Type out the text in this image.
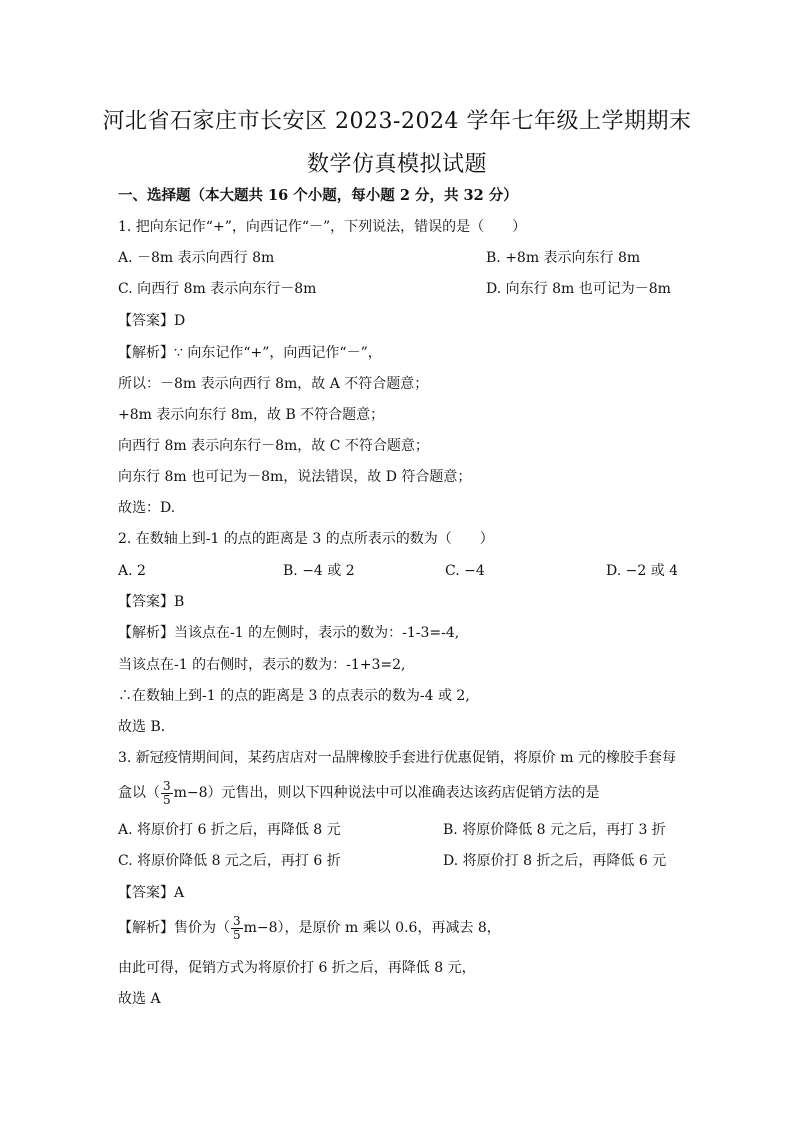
河北省石家庄市长安区 2023-2024 学年七年级上学期期末
数学仿真模拟试题
一、选择题（本大题共 16 个小题，每小题 2 分，共 32 分）
1. 把向东记作“+”，向西记作“－”，下列说法，错误的是（　　）
A. －8m 表示向西行 8m	B. +8m 表示向东行 8m
C. 向西行 8m 表示向东行－8m	D. 向东行 8m 也可记为－8m
【答案】D
【解析】∵ 向东记作“+”，向西记作“－”，
所以：－8m 表示向西行 8m，故 A 不符合题意；
+8m 表示向东行 8m，故 B 不符合题意；
向西行 8m 表示向东行－8m，故 C 不符合题意；
向东行 8m 也可记为－8m，说法错误，故 D 符合题意；
故选：D.
2. 在数轴上到-1 的点的距离是 3 的点所表示的数为（　　）
A. 2	B. −4 或 2	C. −4	D. −2 或 4
【答案】B
【解析】当该点在-1 的左侧时，表示的数为：-1-3=-4,
当该点在-1 的右侧时，表示的数为：-1+3=2,
∴在数轴上到-1 的点的距离是 3 的点表示的数为-4 或 2,
故选 B．
3. 新冠疫情期间间，某药店店对一品牌橡胶手套进行优惠促销，将原价 m 元的橡胶手套每
盒以（ $\frac{3}{5} m-8$）元售出，则以下四种说法中可以准确表达该药店促销方法的是
A. 将原价打 6 折之后，再降低 8 元	B. 将原价降低 8 元之后，再打 3 折
C. 将原价降低 8 元之后，再打 6 折	D. 将原价打 8 折之后，再降低 6 元
【答案】A
【解析】售价为（ $\frac{3}{5} m-8$），是原价 m 乘以 0.6，再减去 8，
由此可得，促销方式为将原价打 6 折之后，再降低 8 元，
故选 A
